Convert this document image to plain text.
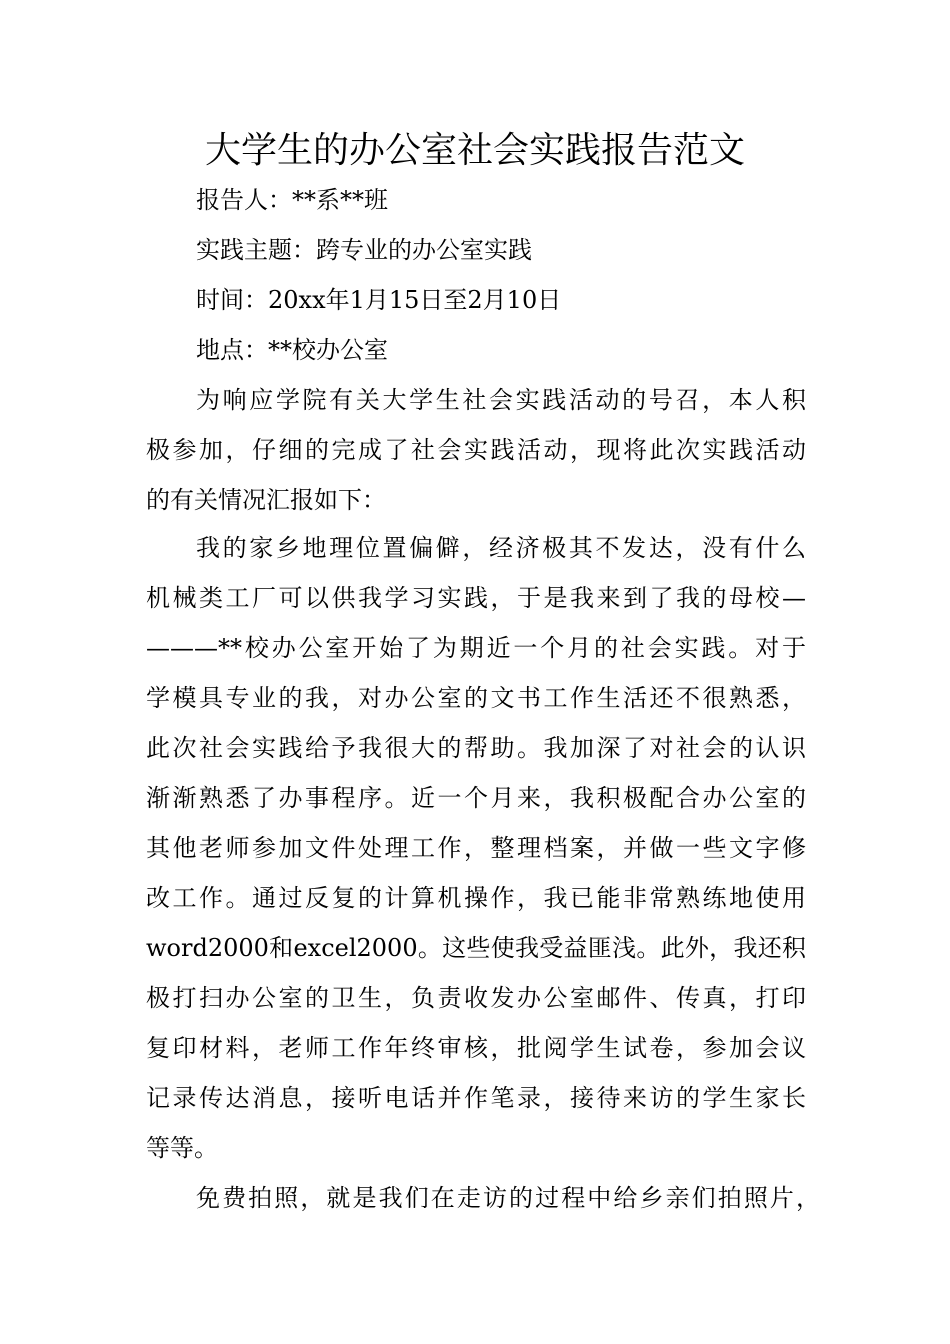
大学生的办公室社会实践报告范文
报告人：**系**班
实践主题：跨专业的办公室实践
时间：20xx年1月15日至2月10日
地点：**校办公室
为响应学院有关大学生社会实践活动的号召，本人积
极参加，仔细的完成了社会实践活动，现将此次实践活动
的有关情况汇报如下：
我的家乡地理位置偏僻，经济极其不发达，没有什么
机械类工厂可以供我学习实践，于是我来到了我的母校—
———**校办公室开始了为期近一个月的社会实践。对于
学模具专业的我，对办公室的文书工作生活还不很熟悉，
此次社会实践给予我很大的帮助。我加深了对社会的认识
渐渐熟悉了办事程序。近一个月来，我积极配合办公室的
其他老师参加文件处理工作，整理档案，并做一些文字修
改工作。通过反复的计算机操作，我已能非常熟练地使用
word2000和excel2000。这些使我受益匪浅。此外，我还积
极打扫办公室的卫生，负责收发办公室邮件、传真，打印
复印材料，老师工作年终审核，批阅学生试卷，参加会议
记录传达消息，接听电话并作笔录，接待来访的学生家长
等等。
免费拍照，就是我们在走访的过程中给乡亲们拍照片，
